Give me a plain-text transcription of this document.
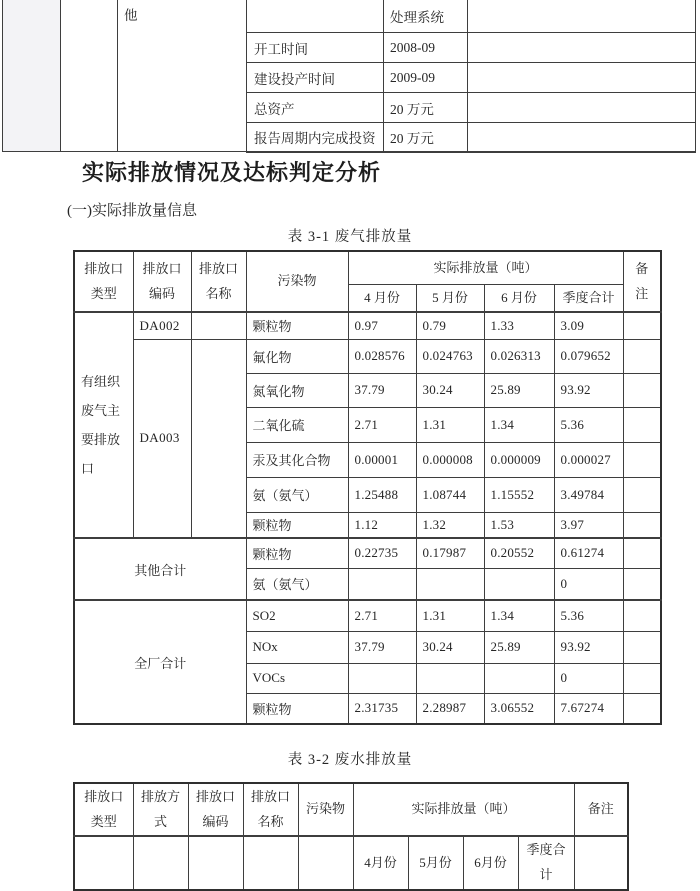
		他		处理系统	
			开工时间	2008-09	
			建设投产时间	2009-09	
			总资产	20 万元	
			报告周期内完成投资	20 万元	
实际排放情况及达标判定分析
(一)实际排放量信息
表 3-1 废气排放量
排放口类型	排放口编码	排放口名称	污染物	实际排放量（吨）				备注
				4 月份	5 月份	6 月份	季度合计	
有组织废气主要排放口	DA002		颗粒物	0.97	0.79	1.33	3.09	
	DA003		氟化物	0.028576	0.024763	0.026313	0.079652	
			氮氧化物	37.79	30.24	25.89	93.92	
			二氧化硫	2.71	1.31	1.34	5.36	
			汞及其化合物	0.00001	0.000008	0.000009	0.000027	
			氨（氨气）	1.25488	1.08744	1.15552	3.49784	
			颗粒物	1.12	1.32	1.53	3.97	
其他合计			颗粒物	0.22735	0.17987	0.20552	0.61274	
			氨（氨气）				0	
全厂合计			SO2	2.71	1.31	1.34	5.36	
			NOx	37.79	30.24	25.89	93.92	
			VOCs				0	
			颗粒物	2.31735	2.28987	3.06552	7.67274	
表 3-2 废水排放量
排放口类型	排放方式	排放口编码	排放口名称	污染物	实际排放量（吨）				备注
					4月份	5月份	6月份	季度合计	
